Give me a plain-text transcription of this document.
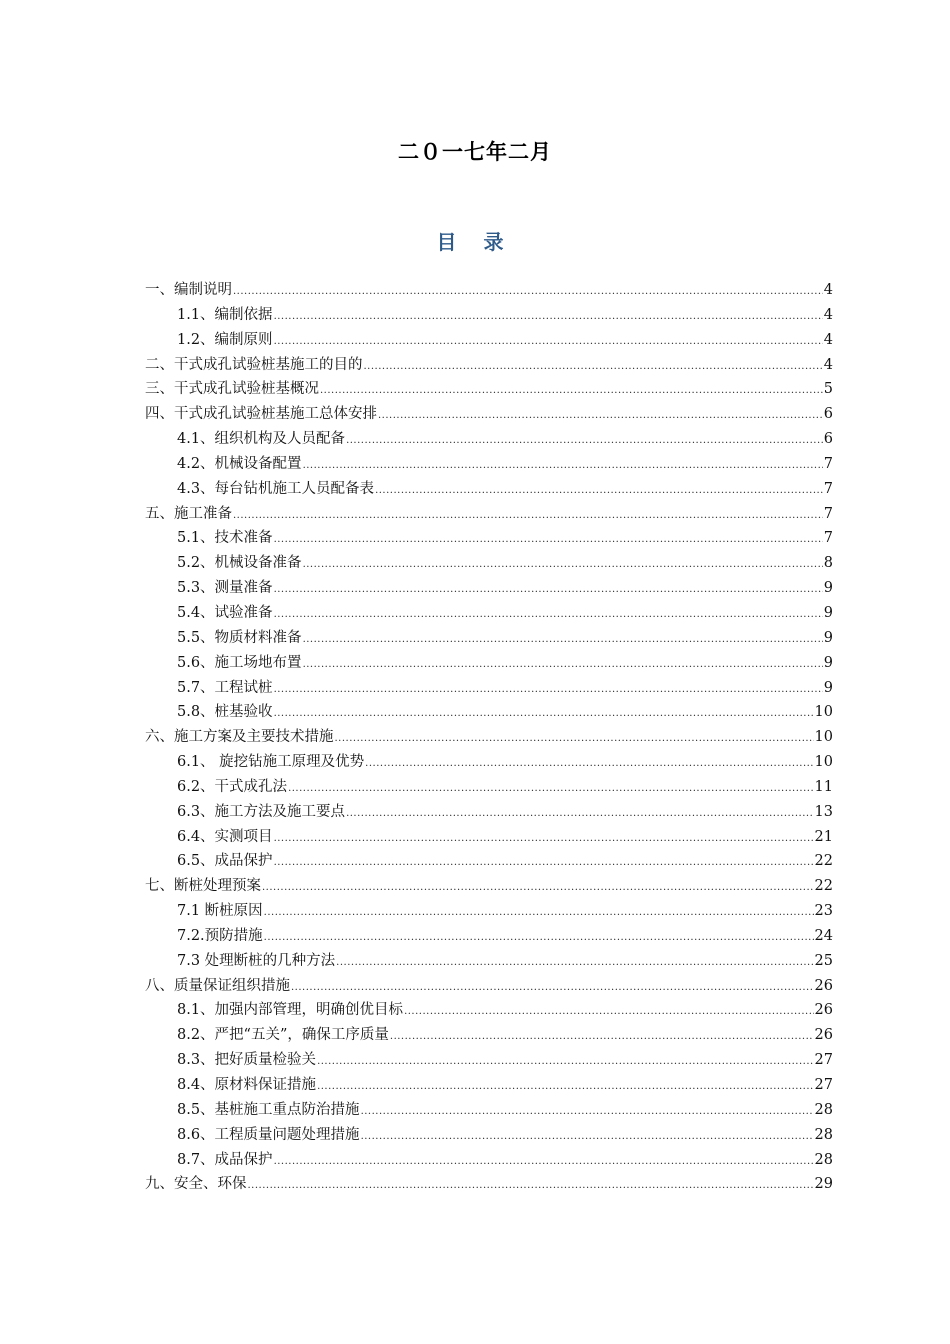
二０一七年二月
目 录
一、编制说明 .....	4
1.1、编制依据 .....	4
1.2、编制原则 .....	4
二、干式成孔试验桩基施工的目的 .....	4
三、干式成孔试验桩基概况 .....	5
四、干式成孔试验桩基施工总体安排 .....	6
4.1、组织机构及人员配备 .....	6
4.2、机械设备配置 .....	7
4.3、每台钻机施工人员配备表 .....	7
五、施工准备 .....	7
5.1、技术准备 .....	7
5.2、机械设备准备 .....	8
5.3、测量准备 .....	9
5.4、试验准备 .....	9
5.5、物质材料准备 .....	9
5.6、施工场地布置 .....	9
5.7、工程试桩 .....	9
5.8、桩基验收 .....	10
六、施工方案及主要技术措施 .....	10
6.1、 旋挖钻施工原理及优势 .....	10
6.2、干式成孔法 .....	11
6.3、施工方法及施工要点 .....	13
6.4、实测项目 .....	21
6.5、成品保护 .....	22
七、断桩处理预案 .....	22
7.1 断桩原因 .....	23
7.2.预防措施 .....	24
7.3 处理断桩的几种方法 .....	25
八、质量保证组织措施 .....	26
8.1、加强内部管理，明确创优目标 .....	26
8.2、严把“五关”，确保工序质量 .....	26
8.3、把好质量检验关 .....	27
8.4、原材料保证措施 .....	27
8.5、基桩施工重点防治措施 .....	28
8.6、工程质量问题处理措施 .....	28
8.7、成品保护 .....	28
九、安全、环保 .....	29
